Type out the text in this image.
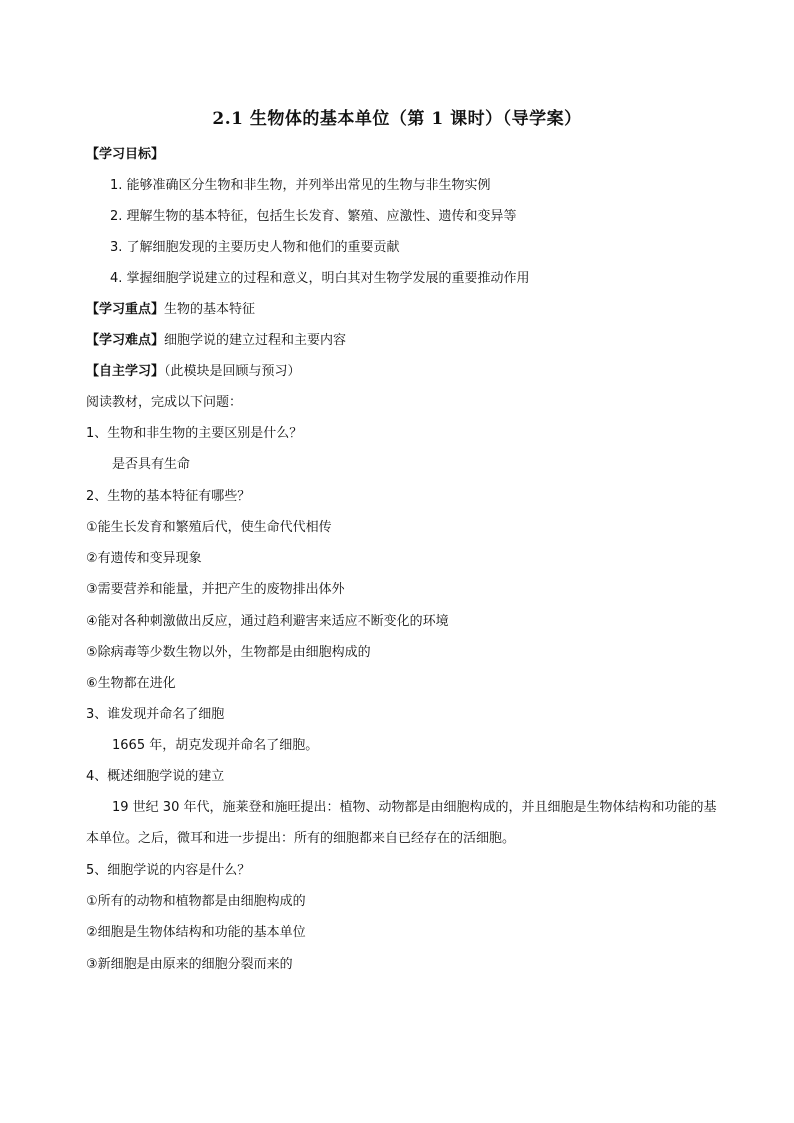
2.1 生物体的基本单位（第 1 课时）（导学案）
【学习目标】
1. 能够准确区分生物和非生物，并列举出常见的生物与非生物实例
2. 理解生物的基本特征，包括生长发育、繁殖、应激性、遗传和变异等
3. 了解细胞发现的主要历史人物和他们的重要贡献
4. 掌握细胞学说建立的过程和意义，明白其对生物学发展的重要推动作用
【学习重点】生物的基本特征
【学习难点】细胞学说的建立过程和主要内容
【自主学习】（此模块是回顾与预习）
阅读教材，完成以下问题：
1、生物和非生物的主要区别是什么？
是否具有生命
2、生物的基本特征有哪些？
①能生长发育和繁殖后代，使生命代代相传
②有遗传和变异现象
③需要营养和能量，并把产生的废物排出体外
④能对各种刺激做出反应，通过趋利避害来适应不断变化的环境
⑤除病毒等少数生物以外，生物都是由细胞构成的
⑥生物都在进化
3、谁发现并命名了细胞
1665 年，胡克发现并命名了细胞。
4、概述细胞学说的建立
19 世纪 30 年代，施莱登和施旺提出：植物、动物都是由细胞构成的，并且细胞是生物体结构和功能的基本单位。之后，微耳和进一步提出：所有的细胞都来自已经存在的活细胞。
5、细胞学说的内容是什么？
①所有的动物和植物都是由细胞构成的
②细胞是生物体结构和功能的基本单位
③新细胞是由原来的细胞分裂而来的
